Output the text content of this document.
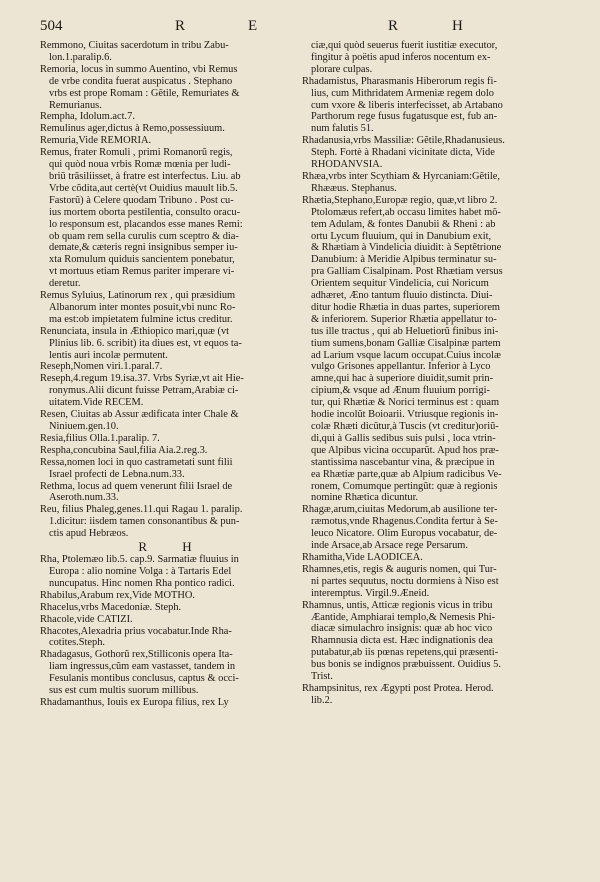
504	R	E	R	H
Remmono, Ciuitas sacerdotum in tribu Zabu-
lon.1.paralip.6.
Remoria, locus in summo Auentino, vbi Remus
de vrbe condita fuerat auspicatus . Stephano
vrbs est prope Romam : Gẽtile, Remuriates &
Remurianus.
Rempha, Idolum.act.7.
Remulinus ager,dictus à Remo,possessiuum.
Remuria,Vide REMORIA.
Remus, frater Romuli , primi Romanorũ regis,
qui quòd noua vrbis Romæ mœnia per ludi-
briũ trãsiliisset, à fratre est interfectus. Liu. ab
Vrbe cõdita,aut certè(vt Ouidius mauult lib.5.
Fastorũ) à Celere quodam Tribuno . Post cu-
ius mortem oborta pestilentia, consulto oracu-
lo responsum est, placandos esse manes Remi:
ob quam rem sella curulis cum sceptro & dia-
demate,& cæteris regni insignibus semper iu-
xta Romulum quiduis sancientem ponebatur,
vt mortuus etiam Remus pariter imperare vi-
deretur.
Remus Syluius, Latinorum rex , qui præsidium
Albanorum inter montes posuit,vbi nunc Ro-
ma est:ob impietatem fulmine ictus creditur.
Renunciata, insula in Æthiopico mari,quæ (vt
Plinius lib. 6. scribit) ita diues est, vt equos ta-
lentis auri incolæ permutent.
Reseph,Nomen viri.1.paral.7.
Reseph,4.regum 19.isa.37. Vrbs Syriæ,vt ait Hie-
ronymus.Alii dicunt fuisse Petram,Arabiæ ci-
uitatem.Vide RECEM.
Resen, Ciuitas ab Assur ædificata inter Chale &
Niniuem.gen.10.
Resia,filius Olla.1.paralip. 7.
Respha,concubina Saul,filia Aia.2.reg.3.
Ressa,nomen loci in quo castrametati sunt filii
Israel profecti de Lebna.num.33.
Rethma, locus ad quem venerunt filii Israel de
Aseroth.num.33.
Reu, filius Phaleg,genes.11.qui Ragau 1. paralip.
1.dicitur: iisdem tamen consonantibus & pun-
ctis apud Hebræos.
R H
Rha, Ptolemæo lib.5. cap.9. Sarmatiæ fluuius in
Europa : alio nomine Volga : à Tartaris Edel
nuncupatus. Hinc nomen Rha pontico radici.
Rhabilus,Arabum rex,Vide MOTHO.
Rhacelus,vrbs Macedoniæ. Steph.
Rhacole,vide CATIZI.
Rhacotes,Alexadria prius vocabatur.Inde Rha-
cotites.Steph.
Rhadagasus, Gothorũ rex,Stilliconis opera Ita-
liam ingressus,cũm eam vastasset, tandem in
Fesulanis montibus conclusus, captus & occi-
sus est cum multis suorum millibus.
Rhadamanthus, Iouis ex Europa filius, rex Ly
ciæ,qui quòd seuerus fuerit iustitiæ executor,
fingitur à poëtis apud inferos nocentum ex-
plorare culpas.
Rhadamistus, Pharasmanis Hiberorum regis fi-
lius, cum Mithridatem Armeniæ regem dolo
cum vxore & liberis interfecisset, ab Artabano
Parthorum rege fusus fugatusque est, fub an-
num falutis 51.
Rhadanusia,vrbs Massiliæ: Gẽtile,Rhadanusieus.
Steph. Fortè à Rhadani vicinitate dicta, Vide
RHODANVSIA.
Rhæa,vrbs inter Scythiam & Hyrcaniam:Gẽtile,
Rhææus. Stephanus.
Rhætia,Stephano,Europæ regio, quæ,vt libro 2.
Ptolomæus refert,ab occasu limites habet mõ-
tem Adulam, & fontes Danubii & Rheni : ab
ortu Lycum fluuium, qui in Danubium exit,
& Rhætiam à Vindelicia diuidit: à Septẽtrione
Danubium: à Meridie Alpibus terminatur su-
pra Galliam Cisalpinam. Post Rhætiam versus
Orientem sequitur Vindelicia, cui Noricum
adhæret, Æno tantum fluuio distincta. Diui-
ditur hodie Rhætia in duas partes, superiorem
& inferiorem. Superior Rhætia appellatur to-
tus ille tractus , qui ab Heluetiorũ finibus ini-
tium sumens,bonam Galliæ Cisalpinæ partem
ad Larium vsque lacum occupat.Cuius incolæ
vulgo Grisones appellantur. Inferior à Lyco
amne,qui hac à superiore diuidit,sumit prin-
cipium,& vsque ad Ænum fluuium porrigi-
tur, qui Rhætiæ & Norici terminus est : quam
hodie incolũt Boioarii. Vtriusque regionis in-
colæ Rhæti dicũtur,à Tuscis (vt creditur)oriũ-
di,qui à Gallis sedibus suis pulsi , loca vtrin-
que Alpibus vicina occuparũt. Apud hos præ-
stantissima nascebantur vina, & præcipue in
ea Rhætiæ parte,quæ ab Alpium radicibus Ve-
ronem, Comumque pertingũt: quæ à regionis
nomine Rhætica dicuntur.
Rhagæ,arum,ciuitas Medorum,ab ausilione ter-
ræmotus,vnde Rhagenus.Condita fertur à Se-
leuco Nicatore. Olim Europus vocabatur, de-
inde Arsace,ab Arsace rege Persarum.
Rhamitha,Vide LAODICEA.
Rhamnes,etis, regis & auguris nomen, qui Tur-
ni partes sequutus, noctu dormiens à Niso est
interemptus. Virgil.9.Æneid.
Rhamnus, untis, Atticæ regionis vicus in tribu
Æantide, Amphiarai templo,& Nemesis Phi-
diacæ simulachro insignis: quæ ab hoc vico
Rhamnusia dicta est. Hæc indignationis dea
putabatur,ab iis pœnas repetens,qui præsenti-
bus bonis se indignos præbuissent. Ouidius 5.
Trist.
Rhampsinitus, rex Ægypti post Protea. Herod.
lib.2.
